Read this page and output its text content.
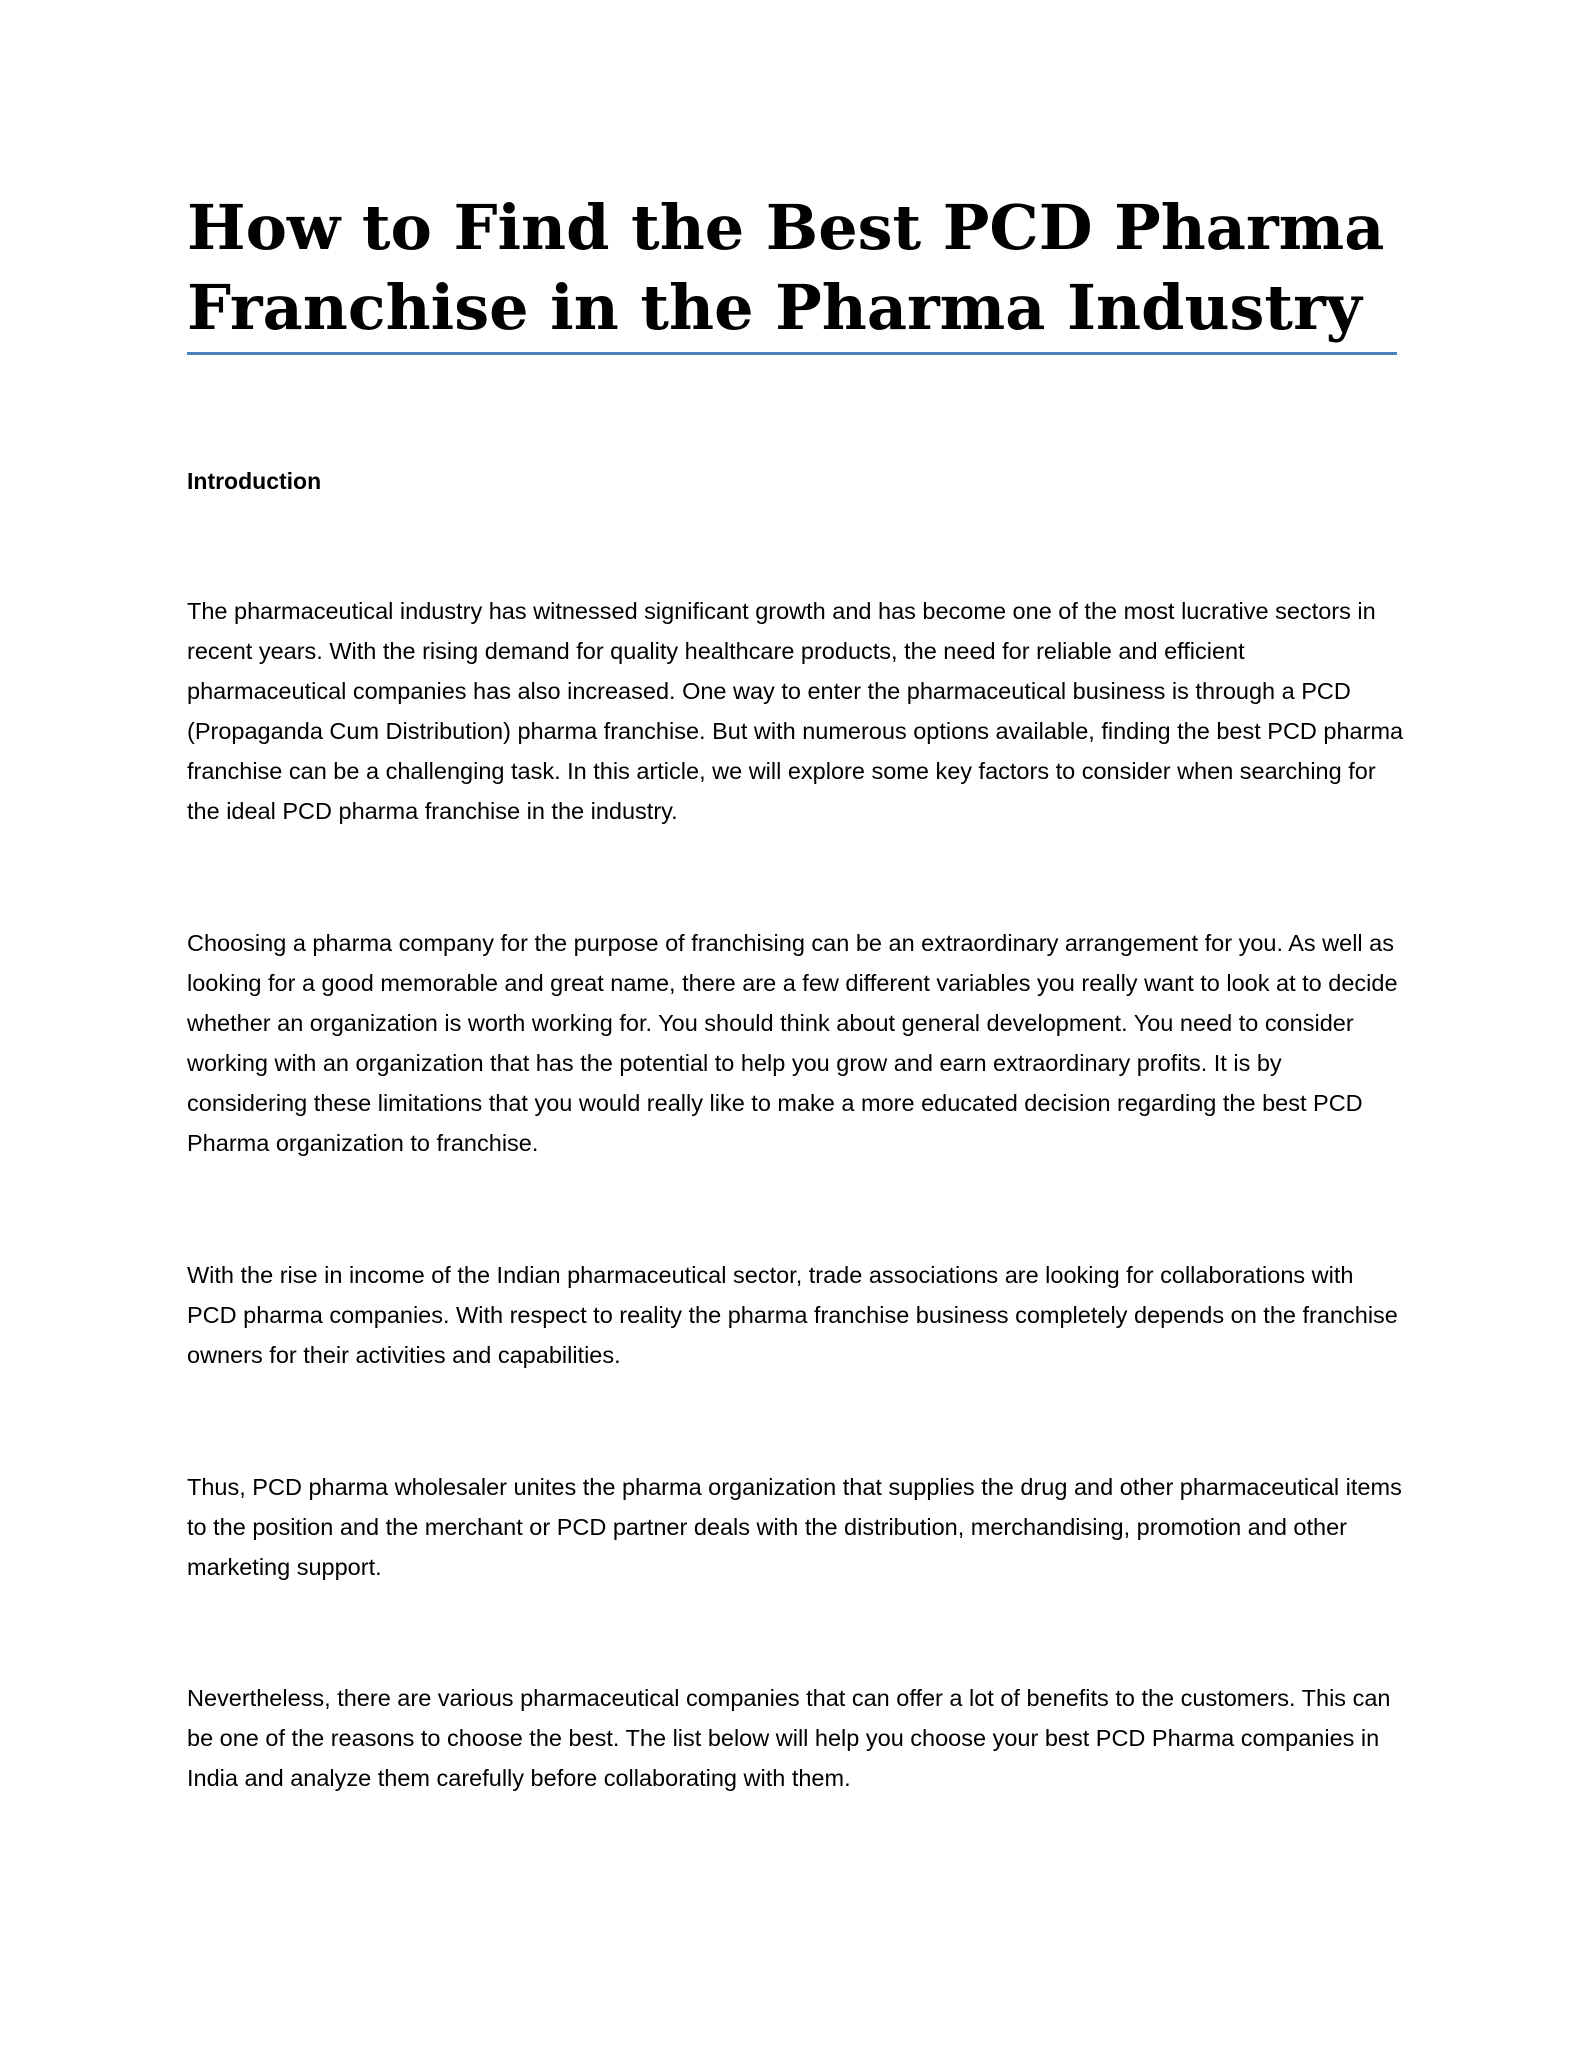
How to Find the Best PCD Pharma
Franchise in the Pharma Industry
Introduction

The pharmaceutical industry has witnessed significant growth and has become one of the most lucrative sectors in recent years. With the rising demand for quality healthcare products, the need for reliable and efficient pharmaceutical companies has also increased. One way to enter the pharmaceutical business is through a PCD (Propaganda Cum Distribution) pharma franchise. But with numerous options available, finding the best PCD pharma franchise can be a challenging task. In this article, we will explore some key factors to consider when searching for the ideal PCD pharma franchise in the industry.

Choosing a pharma company for the purpose of franchising can be an extraordinary arrangement for you. As well as looking for a good memorable and great name, there are a few different variables you really want to look at to decide whether an organization is worth working for. You should think about general development. You need to consider working with an organization that has the potential to help you grow and earn extraordinary profits. It is by considering these limitations that you would really like to make a more educated decision regarding the best PCD Pharma organization to franchise.

With the rise in income of the Indian pharmaceutical sector, trade associations are looking for collaborations with PCD pharma companies. With respect to reality the pharma franchise business completely depends on the franchise owners for their activities and capabilities.

Thus, PCD pharma wholesaler unites the pharma organization that supplies the drug and other pharmaceutical items to the position and the merchant or PCD partner deals with the distribution, merchandising, promotion and other marketing support.

Nevertheless, there are various pharmaceutical companies that can offer a lot of benefits to the customers. This can be one of the reasons to choose the best. The list below will help you choose your best PCD Pharma companies in India and analyze them carefully before collaborating with them.
